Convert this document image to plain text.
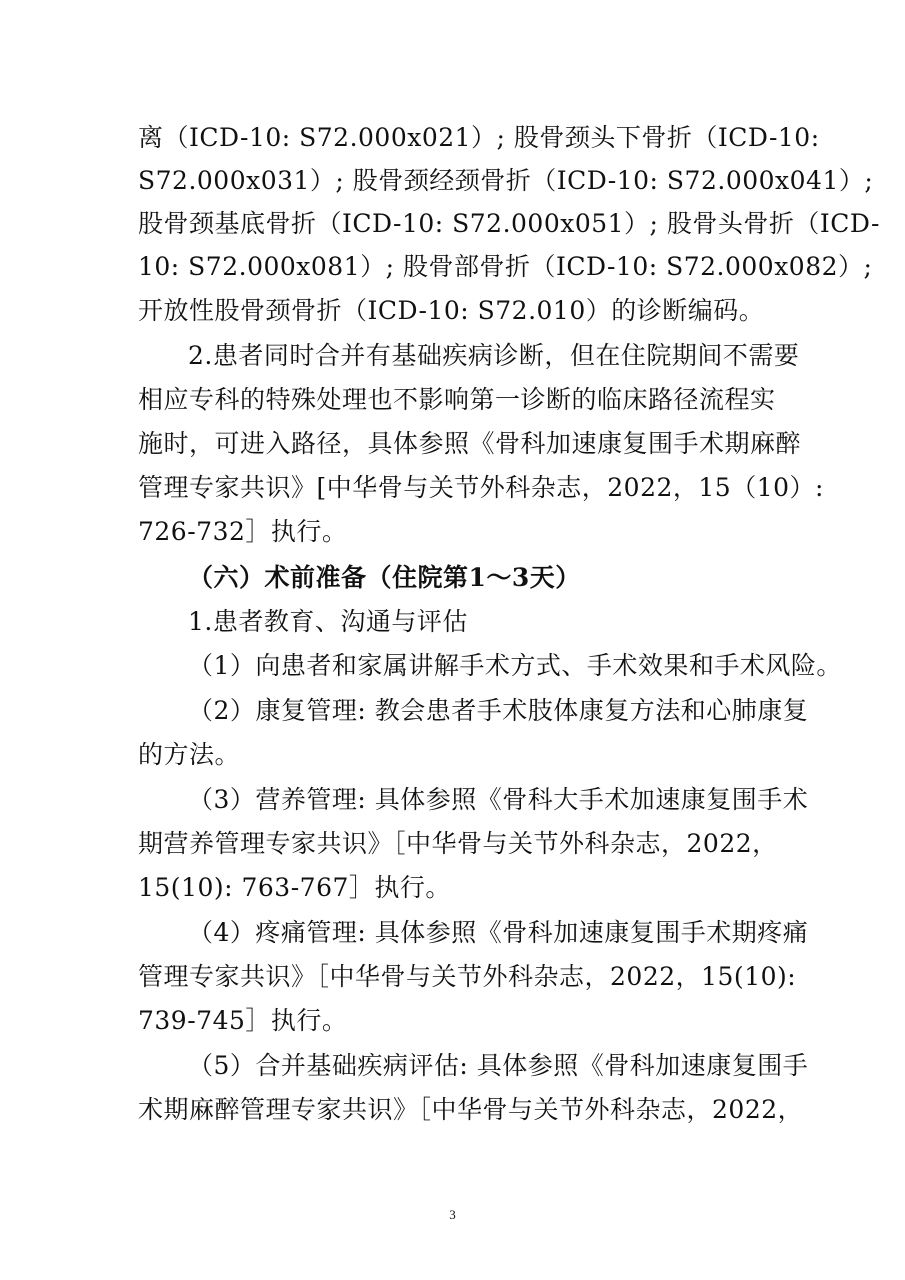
离（ICD-10: S72.000x021）; 股骨颈头下骨折（ICD-10:
S72.000x031）; 股骨颈经颈骨折（ICD-10: S72.000x041）;
股骨颈基底骨折（ICD-10: S72.000x051）; 股骨头骨折（ICD-
10: S72.000x081）; 股骨部骨折（ICD-10: S72.000x082）;
开放性股骨颈骨折（ICD-10: S72.010）的诊断编码。
2.患者同时合并有基础疾病诊断，但在住院期间不需要
相应专科的特殊处理也不影响第一诊断的临床路径流程实
施时，可进入路径，具体参照《骨科加速康复围手术期麻醉
管理专家共识》[中华骨与关节外科杂志，2022，15（10）:
726-732］执行。
（六）术前准备（住院第1～3天）
1.患者教育、沟通与评估
（1）向患者和家属讲解手术方式、手术效果和手术风险。
（2）康复管理: 教会患者手术肢体康复方法和心肺康复
的方法。
（3）营养管理: 具体参照《骨科大手术加速康复围手术
期营养管理专家共识》［中华骨与关节外科杂志，2022，
15(10): 763-767］执行。
（4）疼痛管理: 具体参照《骨科加速康复围手术期疼痛
管理专家共识》［中华骨与关节外科杂志，2022，15(10):
739-745］执行。
（5）合并基础疾病评估: 具体参照《骨科加速康复围手
术期麻醉管理专家共识》［中华骨与关节外科杂志，2022，
3
